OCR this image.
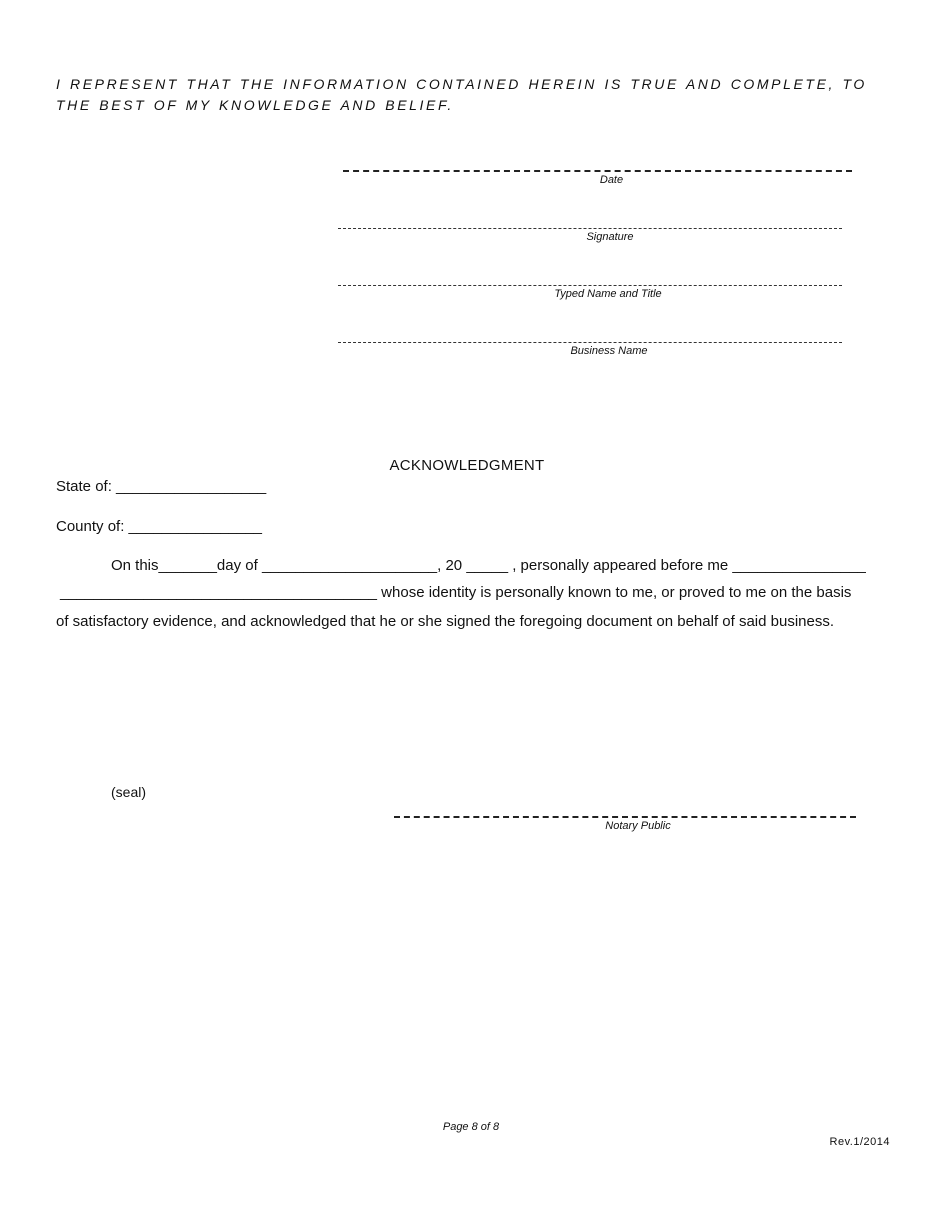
I REPRESENT THAT THE INFORMATION CONTAINED HEREIN IS TRUE AND COMPLETE, TO THE BEST OF MY KNOWLEDGE AND BELIEF.

Date
Signature
Typed Name and Title
Business Name
ACKNOWLEDGMENT
State of: __________________
County of: ________________
On this_______day of _____________________, 20 _____ , personally appeared before me ________________
______________________________________ whose identity is personally known to me, or proved to me on the basis
of satisfactory evidence, and acknowledged that he or she signed the foregoing document on behalf of said business.
(seal)
Notary Public
Page 8 of 8
Rev.1/2014
